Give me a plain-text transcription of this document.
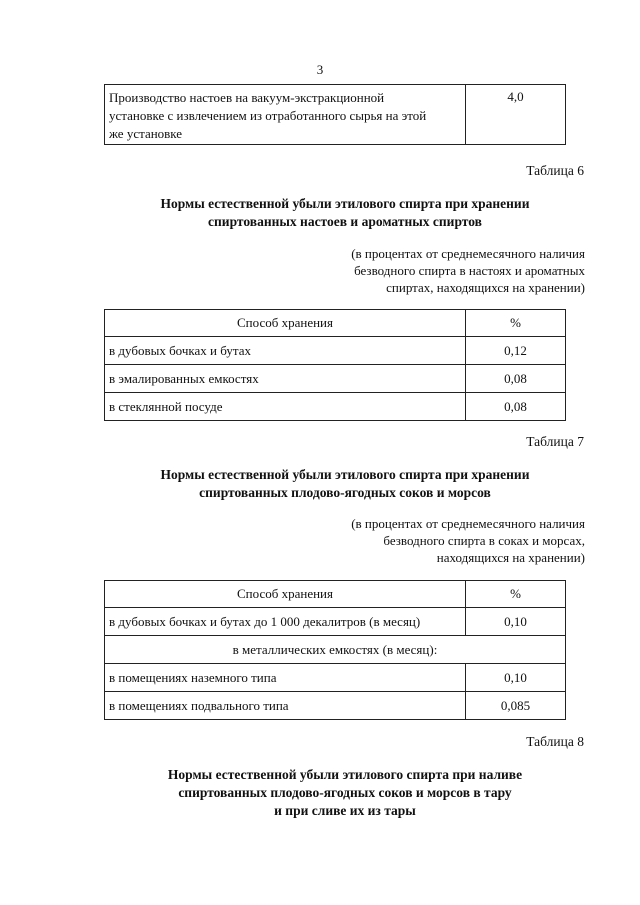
3
Производство настоев на вакуум-экстракционной
установке с извлечением из отработанного сырья на этой
же установке
	4,0
Таблица 6
Нормы естественной убыли этилового спирта при хранении
спиртованных настоев и ароматных спиртов
(в процентах от среднемесячного наличия
безводного спирта в настоях и ароматных
спиртах, находящихся на хранении)
Способ хранения	%
в дубовых бочках и бутах	0,12
в эмалированных емкостях	0,08
в стеклянной посуде	0,08
Таблица 7
Нормы естественной убыли этилового спирта при хранении
спиртованных плодово-ягодных соков и морсов
(в процентах от среднемесячного наличия
безводного спирта в соках и морсах,
находящихся на хранении)
Способ хранения	%
в дубовых бочках и бутах до 1 000 декалитров (в месяц)	0,10
в металлических емкостях (в месяц):	
в помещениях наземного типа	0,10
в помещениях подвального типа	0,085
Таблица 8
Нормы естественной убыли этилового спирта при наливе
спиртованных плодово-ягодных соков и морсов в тару
и при сливе их из тары
